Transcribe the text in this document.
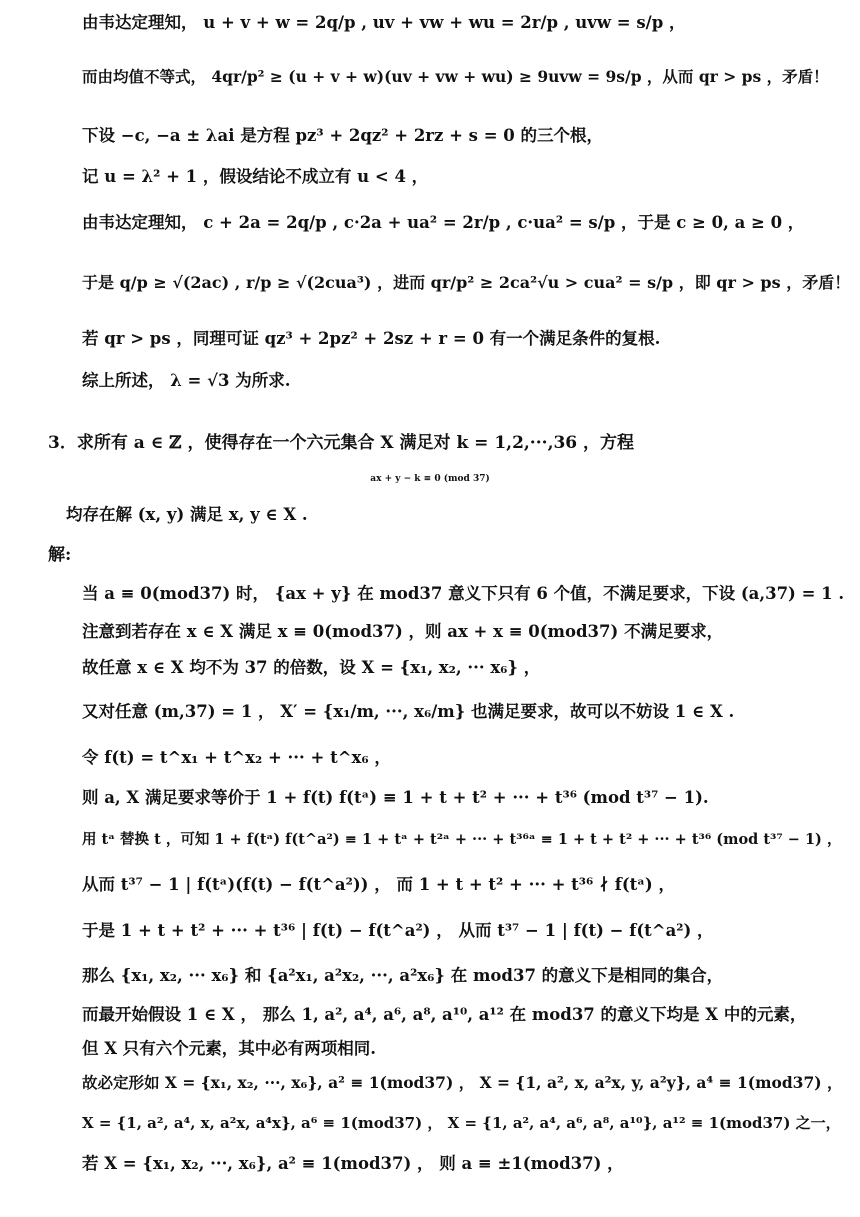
由韦达定理知， u + v + w = 2q/p , uv + vw + wu = 2r/p , uvw = s/p ，
而由均值不等式， 4qr/p² ≥ (u + v + w)(uv + vw + wu) ≥ 9uvw = 9s/p ，从而 qr > ps ，矛盾！
下设 −c, −a ± λai 是方程 pz³ + 2qz² + 2rz + s = 0 的三个根，
记 u = λ² + 1 ，假设结论不成立有 u < 4 ，
由韦达定理知， c + 2a = 2q/p , c·2a + ua² = 2r/p , c·ua² = s/p ，于是 c ≥ 0, a ≥ 0 ，
于是 q/p ≥ √(2ac) , r/p ≥ √(2cua³) ，进而 qr/p² ≥ 2ca²√u > cua² = s/p ，即 qr > ps ，矛盾！
若 qr > ps ，同理可证 qz³ + 2pz² + 2sz + r = 0 有一个满足条件的复根.
综上所述， λ = √3 为所求.
3．求所有 a ∈ ℤ ，使得存在一个六元集合 X 满足对 k = 1,2,···,36 ，方程
ax + y − k ≡ 0 (mod 37)
均存在解 (x, y) 满足 x, y ∈ X .
解:
当 a ≡ 0(mod37) 时， {ax + y} 在 mod37 意义下只有 6 个值，不满足要求，下设 (a,37) = 1 .
注意到若存在 x ∈ X 满足 x ≡ 0(mod37) ，则 ax + x ≡ 0(mod37) 不满足要求，
故任意 x ∈ X 均不为 37 的倍数，设 X = {x₁, x₂, ··· x₆} ，
又对任意 (m,37) = 1 ， X′ = {x₁/m, ···, x₆/m} 也满足要求，故可以不妨设 1 ∈ X .
令 f(t) = t^x₁ + t^x₂ + ··· + t^x₆ ，
则 a, X 满足要求等价于 1 + f(t) f(tᵃ) ≡ 1 + t + t² + ··· + t³⁶ (mod t³⁷ − 1).
用 tᵃ 替换 t ，可知 1 + f(tᵃ) f(t^a²) ≡ 1 + tᵃ + t²ᵃ + ··· + t³⁶ᵃ ≡ 1 + t + t² + ··· + t³⁶ (mod t³⁷ − 1) ，
从而 t³⁷ − 1 | f(tᵃ)(f(t) − f(t^a²)) ， 而 1 + t + t² + ··· + t³⁶ ∤ f(tᵃ) ，
于是 1 + t + t² + ··· + t³⁶ | f(t) − f(t^a²) ， 从而 t³⁷ − 1 | f(t) − f(t^a²) ，
那么 {x₁, x₂, ··· x₆} 和 {a²x₁, a²x₂, ···, a²x₆} 在 mod37 的意义下是相同的集合，
而最开始假设 1 ∈ X ， 那么 1, a², a⁴, a⁶, a⁸, a¹⁰, a¹² 在 mod37 的意义下均是 X 中的元素，
但 X 只有六个元素，其中必有两项相同.
故必定形如 X = {x₁, x₂, ···, x₆}, a² ≡ 1(mod37) ， X = {1, a², x, a²x, y, a²y}, a⁴ ≡ 1(mod37) ，
X = {1, a², a⁴, x, a²x, a⁴x}, a⁶ ≡ 1(mod37) ， X = {1, a², a⁴, a⁶, a⁸, a¹⁰}, a¹² ≡ 1(mod37) 之一，
若 X = {x₁, x₂, ···, x₆}, a² ≡ 1(mod37) ， 则 a ≡ ±1(mod37) ，
